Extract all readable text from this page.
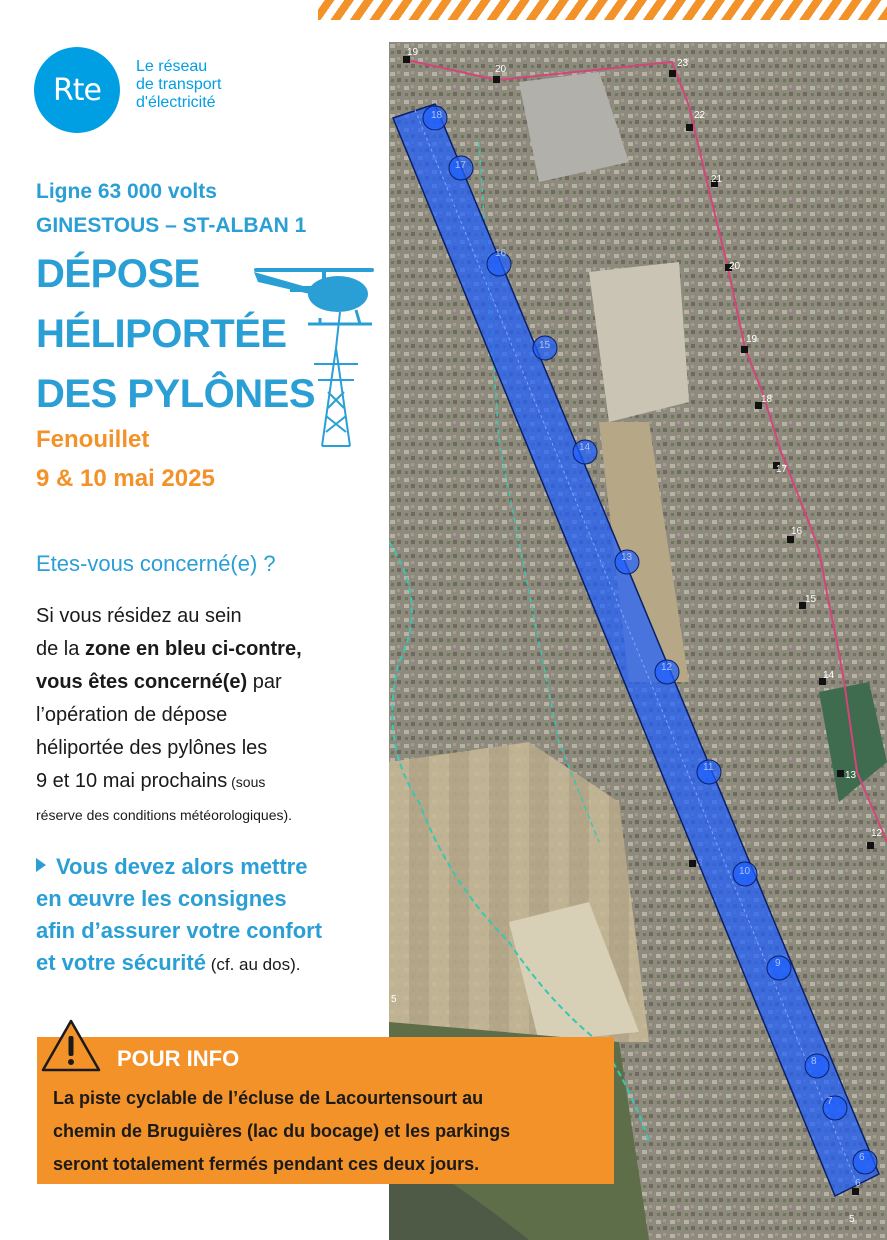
19
20
23
22
21
20
19
18
17
16
15
14
13
12
5
5
18
17
16
15
14
13
12
11
10
9
8
7
6
6
Rte
Le réseau
de transport
d'électricité
Ligne 63 000 volts
GINESTOUS – ST-ALBAN 1
DÉPOSE
HÉLIPORTÉE
DES PYLÔNES
Fenouillet
9 & 10 mai 2025
Etes-vous concerné(e) ?
Si vous résidez au sein
de la zone en bleu ci-contre,
vous êtes concerné(e) par
l’opération de dépose
héliportée des pylônes les
9 et 10 mai prochains (sous
réserve des conditions météorologiques).
Vous devez alors mettre
en œuvre les consignes
afin d’assurer votre confort
et votre sécurité (cf. au dos).
POUR INFO
La piste cyclable de l’écluse de Lacourtensourt au
chemin de Bruguières (lac du bocage) et les parkings
seront totalement fermés pendant ces deux jours.
